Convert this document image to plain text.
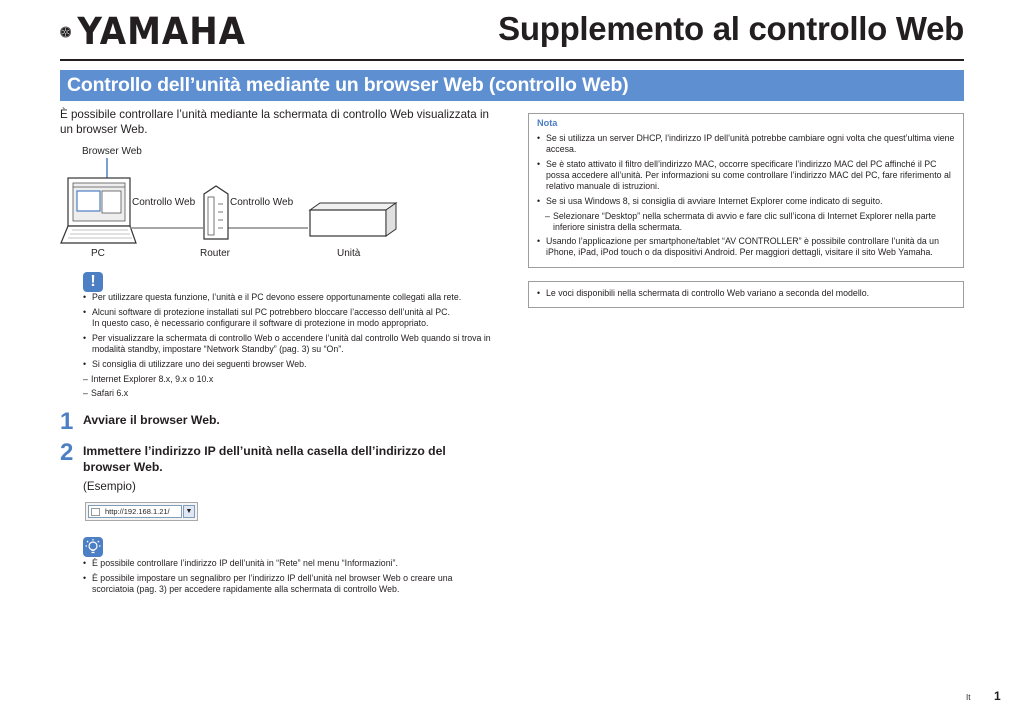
YAMAHA	Supplemento al controllo Web
Controllo dell’unità mediante un browser Web (controllo Web)
È possibile controllare l’unità mediante la schermata di controllo Web visualizzata in un browser Web.
Browser Web
Controllo Web	Controllo Web
PC	Router	Unità
!
• Per utilizzare questa funzione, l’unità e il PC devono essere opportunamente collegati alla rete.
• Alcuni software di protezione installati sul PC potrebbero bloccare l’accesso dell’unità al PC.
In questo caso, è necessario configurare il software di protezione in modo appropriato.
• Per visualizzare la schermata di controllo Web o accendere l’unità dal controllo Web quando si trova in modalità standby, impostare “Network Standby” (pag. 3) su “On”.
• Si consiglia di utilizzare uno dei seguenti browser Web.
– Internet Explorer 8.x, 9.x o 10.x
– Safari 6.x
1 Avviare il browser Web.
2 Immettere l’indirizzo IP dell’unità nella casella dell’indirizzo del browser Web.
(Esempio)
http://192.168.1.21/	▼
• È possibile controllare l’indirizzo IP dell’unità in “Rete” nel menu “Informazioni”.
• È possibile impostare un segnalibro per l’indirizzo IP dell’unità nel browser Web o creare una scorciatoia (pag. 3) per accedere rapidamente alla schermata di controllo Web.
Nota
• Se si utilizza un server DHCP, l’indirizzo IP dell’unità potrebbe cambiare ogni volta che quest’ultima viene accesa.
• Se è stato attivato il filtro dell’indirizzo MAC, occorre specificare l’indirizzo MAC del PC affinché il PC possa accedere all’unità. Per informazioni su come controllare l’indirizzo MAC del PC, fare riferimento al relativo manuale di istruzioni.
• Se si usa Windows 8, si consiglia di avviare Internet Explorer come indicato di seguito.
– Selezionare “Desktop” nella schermata di avvio e fare clic sull’icona di Internet Explorer nella parte inferiore sinistra della schermata.
• Usando l’applicazione per smartphone/tablet “AV CONTROLLER” è possibile controllare l’unità da un iPhone, iPad, iPod touch o da dispositivi Android. Per maggiori dettagli, visitare il sito Web Yamaha.
• Le voci disponibili nella schermata di controllo Web variano a seconda del modello.
It 1
